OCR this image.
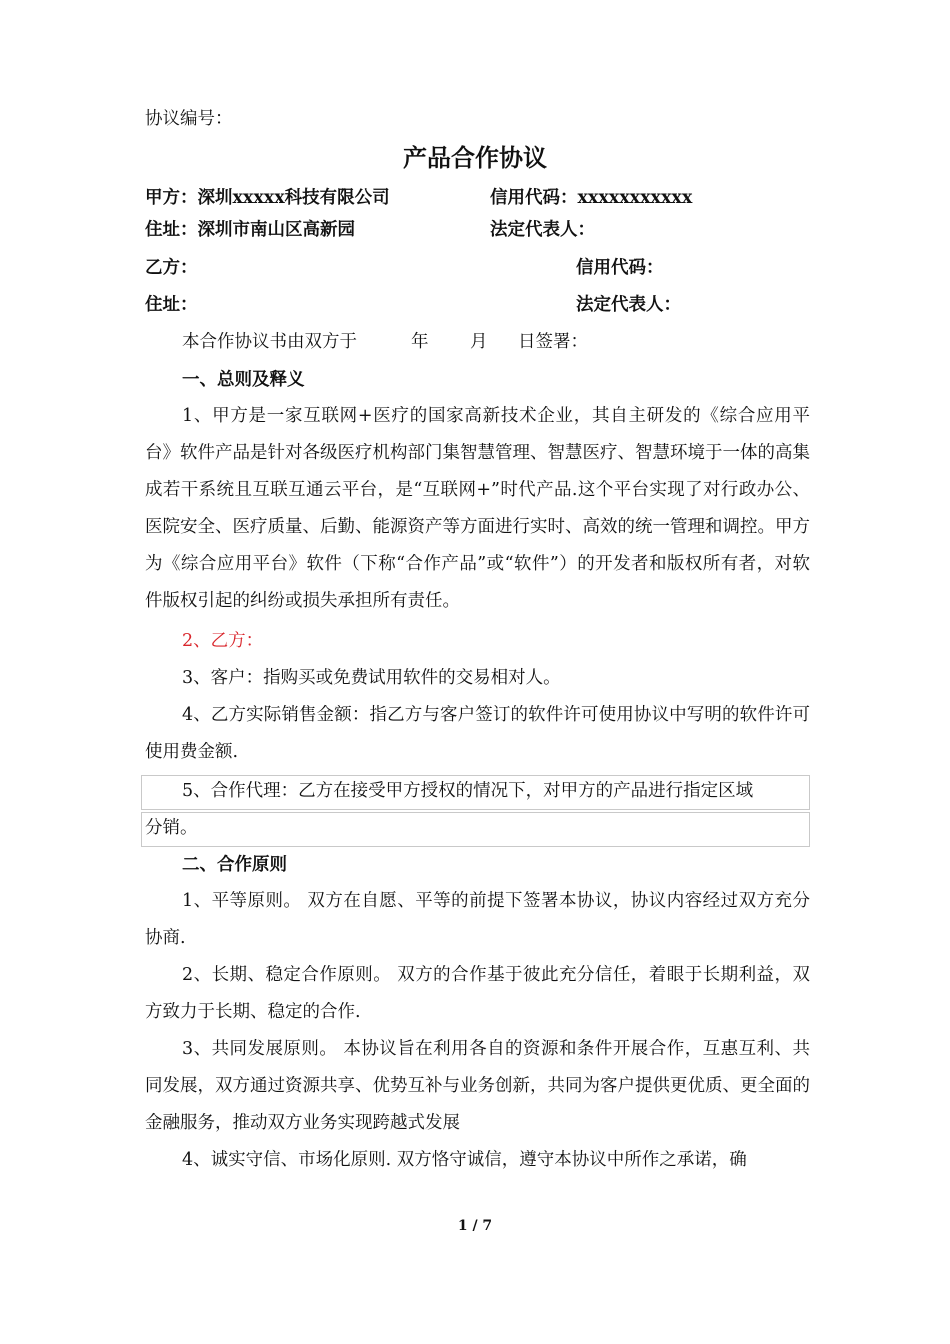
协议编号：
产品合作协议
甲方：深圳xxxxx科技有限公司	信用代码：xxxxxxxxxxx
住址：深圳市南山区高新园	法定代表人：
乙方：	信用代码：
住址：	法定代表人：
本合作协议书由双方于	年 月 日签署：
一、总则及释义
1、甲方是一家互联网+医疗的国家高新技术企业，其自主研发的《综合应用平台》软件产品是针对各级医疗机构部门集智慧管理、智慧医疗、智慧环境于一体的高集成若干系统且互联互通云平台，是“互联网+”时代产品.这个平台实现了对行政办公、医院安全、医疗质量、后勤、能源资产等方面进行实时、高效的统一管理和调控。甲方为《综合应用平台》软件（下称“合作产品”或“软件”）的开发者和版权所有者，对软件版权引起的纠纷或损失承担所有责任。
2、乙方：
3、客户：指购买或免费试用软件的交易相对人。
4、乙方实际销售金额：指乙方与客户签订的软件许可使用协议中写明的软件许可使用费金额.
5、合作代理：乙方在接受甲方授权的情况下，对甲方的产品进行指定区域
分销。
二、合作原则
1、平等原则。 双方在自愿、平等的前提下签署本协议，协议内容经过双方充分协商.
2、长期、稳定合作原则。 双方的合作基于彼此充分信任，着眼于长期利益，双方致力于长期、稳定的合作.
3、共同发展原则。 本协议旨在利用各自的资源和条件开展合作，互惠互利、共同发展，双方通过资源共享、优势互补与业务创新，共同为客户提供更优质、更全面的金融服务，推动双方业务实现跨越式发展
4、诚实守信、市场化原则. 双方恪守诚信，遵守本协议中所作之承诺，确
1 / 7
